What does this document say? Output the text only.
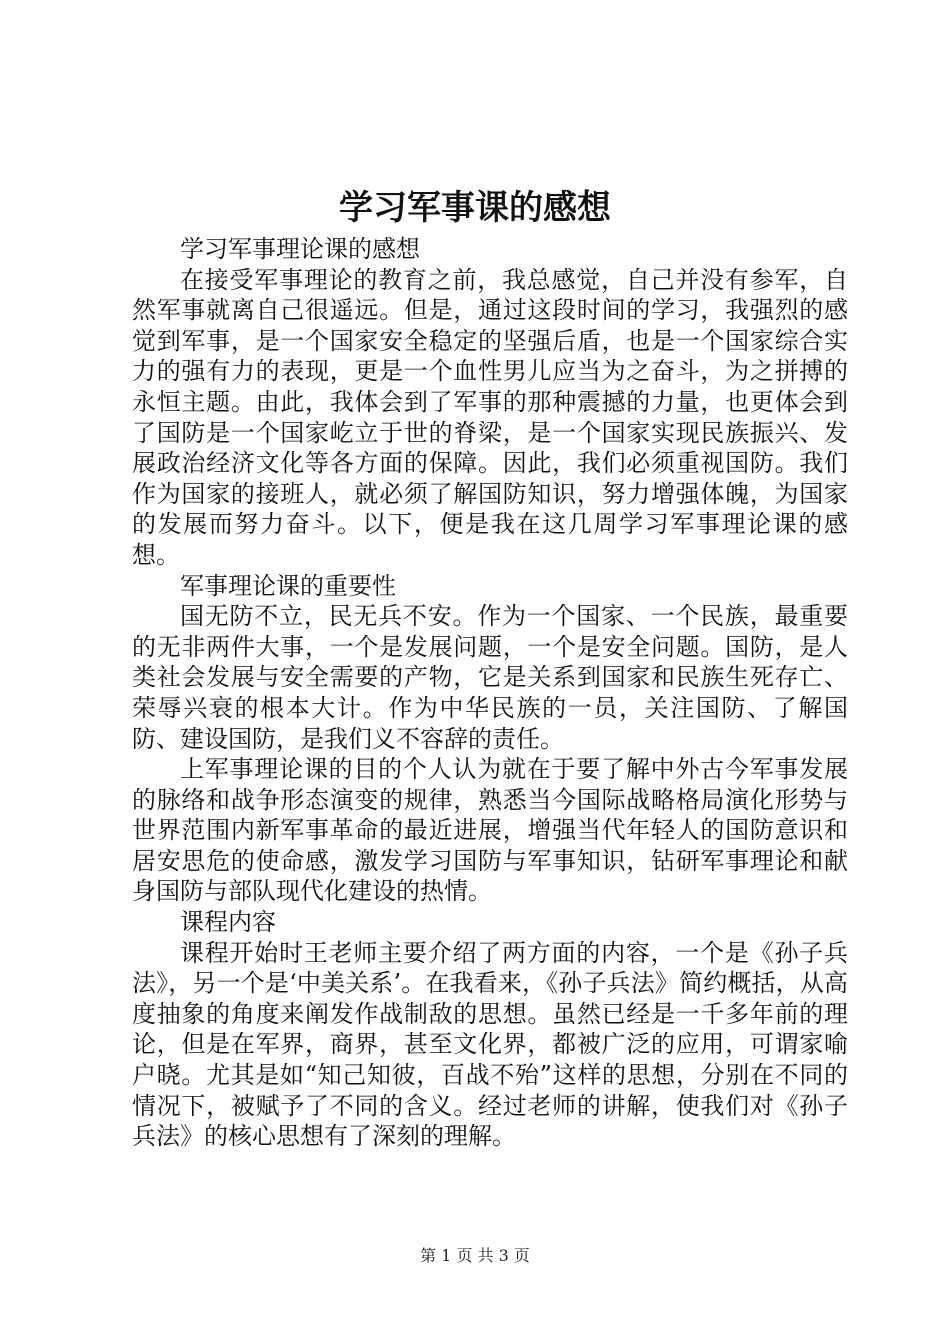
学习军事课的感想

学习军事理论课的感想

在接受军事理论的教育之前，我总感觉，自己并没有参军，自然军事就离自己很遥远。但是，通过这段时间的学习，我强烈的感觉到军事，是一个国家安全稳定的坚强后盾，也是一个国家综合实力的强有力的表现，更是一个血性男儿应当为之奋斗，为之拼搏的永恒主题。由此，我体会到了军事的那种震撼的力量，也更体会到了国防是一个国家屹立于世的脊梁，是一个国家实现民族振兴、发展政治经济文化等各方面的保障。因此，我们必须重视国防。我们作为国家的接班人，就必须了解国防知识，努力增强体魄，为国家的发展而努力奋斗。以下，便是我在这几周学习军事理论课的感想。

军事理论课的重要性

国无防不立，民无兵不安。作为一个国家、一个民族，最重要的无非两件大事，一个是发展问题，一个是安全问题。国防，是人类社会发展与安全需要的产物，它是关系到国家和民族生死存亡、荣辱兴衰的根本大计。作为中华民族的一员，关注国防、了解国防、建设国防，是我们义不容辞的责任。

上军事理论课的目的个人认为就在于要了解中外古今军事发展的脉络和战争形态演变的规律，熟悉当今国际战略格局演化形势与世界范围内新军事革命的最近进展，增强当代年轻人的国防意识和居安思危的使命感，激发学习国防与军事知识，钻研军事理论和献身国防与部队现代化建设的热情。

课程内容

课程开始时王老师主要介绍了两方面的内容，一个是《孙子兵法》，另一个是‘中美关系’。在我看来，《孙子兵法》简约概括，从高度抽象的角度来阐发作战制敌的思想。虽然已经是一千多年前的理论，但是在军界，商界，甚至文化界，都被广泛的应用，可谓家喻户晓。尤其是如“知己知彼，百战不殆”这样的思想，分别在不同的情况下，被赋予了不同的含义。经过老师的讲解，使我们对《孙子兵法》的核心思想有了深刻的理解。

第 1 页 共 3 页
